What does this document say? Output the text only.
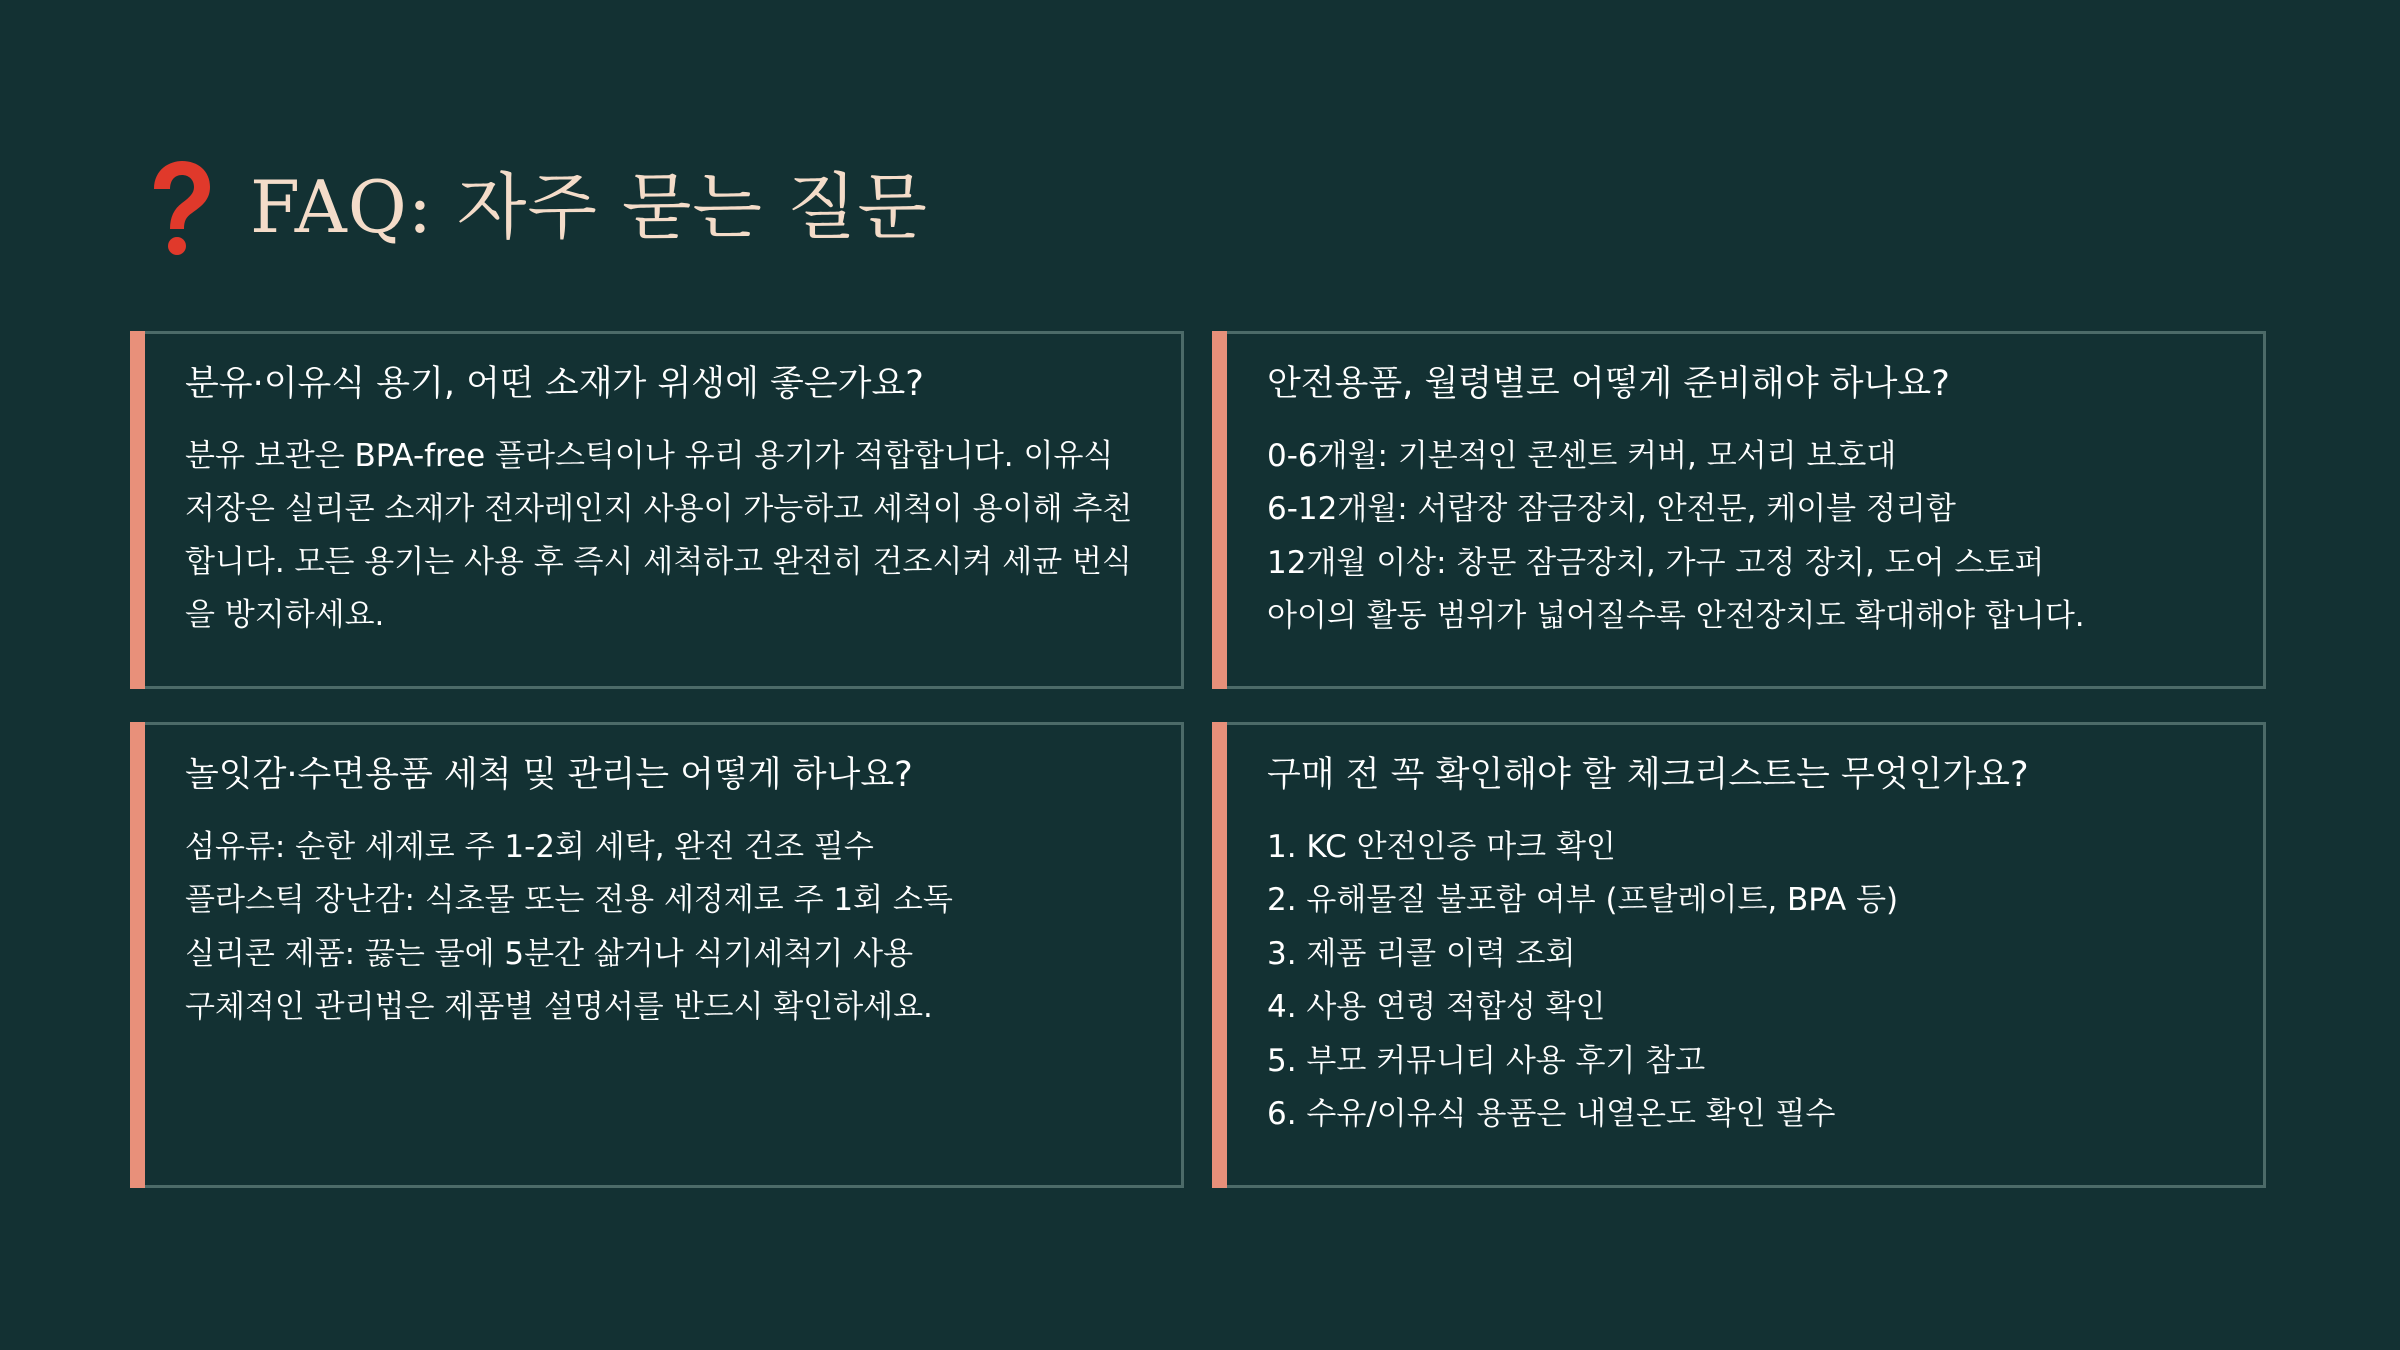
FAQ: 자주 묻는 질문
분유·이유식 용기, 어떤 소재가 위생에 좋은가요?

분유 보관은 BPA-free 플라스틱이나 유리 용기가 적합합니다. 이유식 저장은 실리콘 소재가 전자레인지 사용이 가능하고 세척이 용이해 추천합니다. 모든 용기는 사용 후 즉시 세척하고 완전히 건조시켜 세균 번식을 방지하세요.

안전용품, 월령별로 어떻게 준비해야 하나요?
0-6개월: 기본적인 콘센트 커버, 모서리 보호대
6-12개월: 서랍장 잠금장치, 안전문, 케이블 정리함
12개월 이상: 창문 잠금장치, 가구 고정 장치, 도어 스토퍼
아이의 활동 범위가 넓어질수록 안전장치도 확대해야 합니다.
놀잇감·수면용품 세척 및 관리는 어떻게 하나요?
섬유류: 순한 세제로 주 1-2회 세탁, 완전 건조 필수
플라스틱 장난감: 식초물 또는 전용 세정제로 주 1회 소독
실리콘 제품: 끓는 물에 5분간 삶거나 식기세척기 사용
구체적인 관리법은 제품별 설명서를 반드시 확인하세요.
구매 전 꼭 확인해야 할 체크리스트는 무엇인가요?
1. KC 안전인증 마크 확인
2. 유해물질 불포함 여부 (프탈레이트, BPA 등)
3. 제품 리콜 이력 조회
4. 사용 연령 적합성 확인
5. 부모 커뮤니티 사용 후기 참고
6. 수유/이유식 용품은 내열온도 확인 필수
